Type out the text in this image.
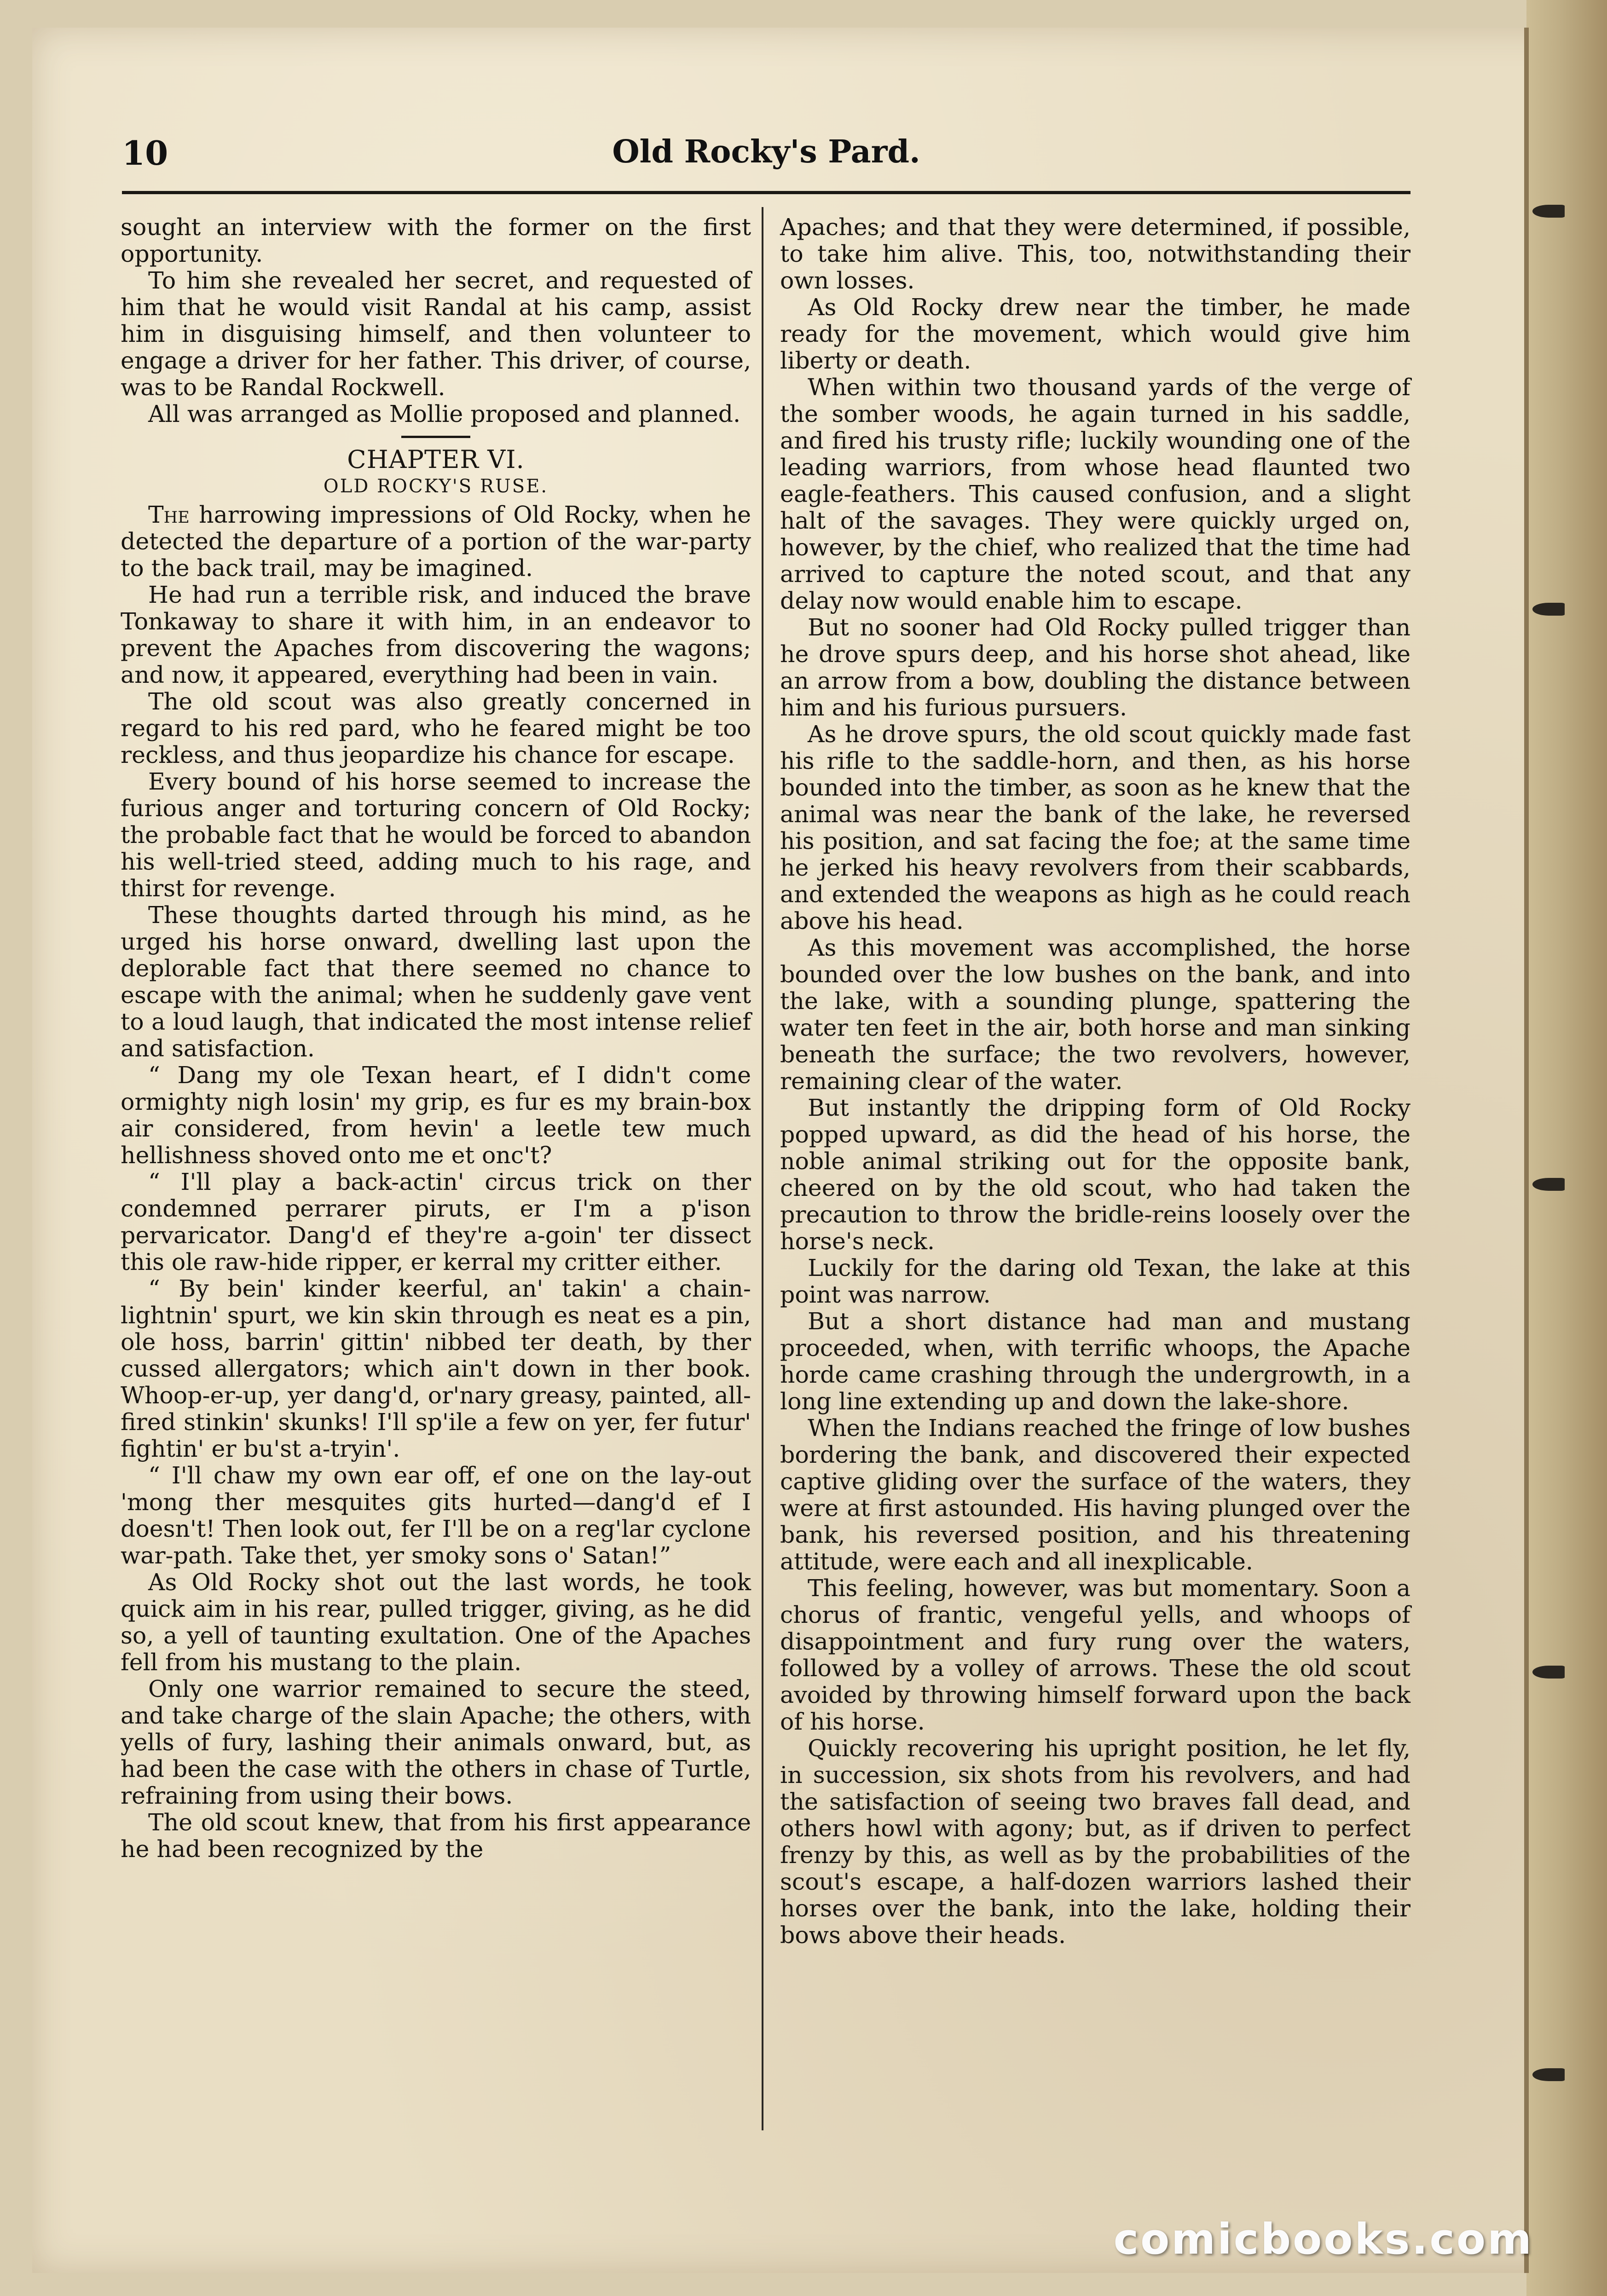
10	Old Rocky's Pard.

sought an interview with the former on the first opportunity.

To him she revealed her secret, and requested of him that he would visit Randal at his camp, assist him in disguising himself, and then volunteer to engage a driver for her father. This driver, of course, was to be Randal Rockwell.

All was arranged as Mollie proposed and planned.

CHAPTER VI.
OLD ROCKY'S RUSE.

The harrowing impressions of Old Rocky, when he detected the departure of a portion of the war-party to the back trail, may be imagined.

He had run a terrible risk, and induced the brave Tonkaway to share it with him, in an endeavor to prevent the Apaches from discovering the wagons; and now, it appeared, everything had been in vain.

The old scout was also greatly concerned in regard to his red pard, who he feared might be too reckless, and thus jeopardize his chance for escape.

Every bound of his horse seemed to increase the furious anger and torturing concern of Old Rocky; the probable fact that he would be forced to abandon his well-tried steed, adding much to his rage, and thirst for revenge.

These thoughts darted through his mind, as he urged his horse onward, dwelling last upon the deplorable fact that there seemed no chance to escape with the animal; when he suddenly gave vent to a loud laugh, that indicated the most intense relief and satisfaction.

“ Dang my ole Texan heart, ef I didn't come ormighty nigh losin' my grip, es fur es my brain-box air considered, from hevin' a leetle tew much hellishness shoved onto me et onc't?

“ I'll play a back-actin' circus trick on ther condemned perrarer piruts, er I'm a p'ison pervaricator. Dang'd ef they're a-goin' ter dissect this ole raw-hide ripper, er kerral my critter either.

“ By bein' kinder keerful, an' takin' a chain-lightnin' spurt, we kin skin through es neat es a pin, ole hoss, barrin' gittin' nibbed ter death, by ther cussed allergators; which ain't down in ther book. Whoop-er-up, yer dang'd, or'nary greasy, painted, all-fired stinkin' skunks! I'll sp'ile a few on yer, fer futur' fightin' er bu'st a-tryin'.

“ I'll chaw my own ear off, ef one on the lay-out 'mong ther mesquites gits hurted—dang'd ef I doesn't! Then look out, fer I'll be on a reg'lar cyclone war-path. Take thet, yer smoky sons o' Satan!”

As Old Rocky shot out the last words, he took quick aim in his rear, pulled trigger, giving, as he did so, a yell of taunting exultation. One of the Apaches fell from his mustang to the plain.

Only one warrior remained to secure the steed, and take charge of the slain Apache; the others, with yells of fury, lashing their animals onward, but, as had been the case with the others in chase of Turtle, refraining from using their bows.

The old scout knew, that from his first appearance he had been recognized by the

Apaches; and that they were determined, if possible, to take him alive. This, too, notwithstanding their own losses.

As Old Rocky drew near the timber, he made ready for the movement, which would give him liberty or death.

When within two thousand yards of the verge of the somber woods, he again turned in his saddle, and fired his trusty rifle; luckily wounding one of the leading warriors, from whose head flaunted two eagle-feathers. This caused confusion, and a slight halt of the savages. They were quickly urged on, however, by the chief, who realized that the time had arrived to capture the noted scout, and that any delay now would enable him to escape.

But no sooner had Old Rocky pulled trigger than he drove spurs deep, and his horse shot ahead, like an arrow from a bow, doubling the distance between him and his furious pursuers.

As he drove spurs, the old scout quickly made fast his rifle to the saddle-horn, and then, as his horse bounded into the timber, as soon as he knew that the animal was near the bank of the lake, he reversed his position, and sat facing the foe; at the same time he jerked his heavy revolvers from their scabbards, and extended the weapons as high as he could reach above his head.

As this movement was accomplished, the horse bounded over the low bushes on the bank, and into the lake, with a sounding plunge, spattering the water ten feet in the air, both horse and man sinking beneath the surface; the two revolvers, however, remaining clear of the water.

But instantly the dripping form of Old Rocky popped upward, as did the head of his horse, the noble animal striking out for the opposite bank, cheered on by the old scout, who had taken the precaution to throw the bridle-reins loosely over the horse's neck.

Luckily for the daring old Texan, the lake at this point was narrow.

But a short distance had man and mustang proceeded, when, with terrific whoops, the Apache horde came crashing through the undergrowth, in a long line extending up and down the lake-shore.

When the Indians reached the fringe of low bushes bordering the bank, and discovered their expected captive gliding over the surface of the waters, they were at first astounded. His having plunged over the bank, his reversed position, and his threatening attitude, were each and all inexplicable.

This feeling, however, was but momentary. Soon a chorus of frantic, vengeful yells, and whoops of disappointment and fury rung over the waters, followed by a volley of arrows. These the old scout avoided by throwing himself forward upon the back of his horse.

Quickly recovering his upright position, he let fly, in succession, six shots from his revolvers, and had the satisfaction of seeing two braves fall dead, and others howl with agony; but, as if driven to perfect frenzy by this, as well as by the probabilities of the scout's escape, a half-dozen warriors lashed their horses over the bank, into the lake, holding their bows above their heads.

comicbooks.com
